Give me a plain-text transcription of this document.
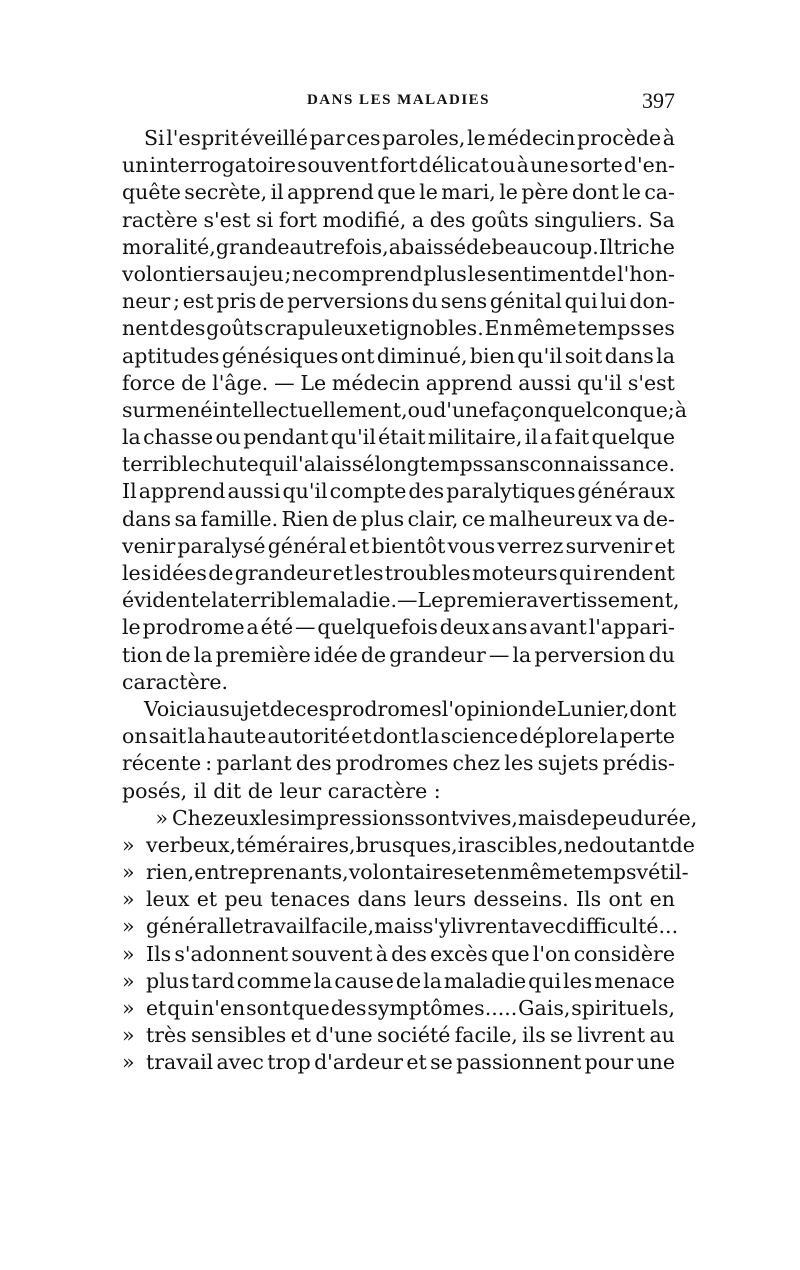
DANS LES MALADIES	397
Si l'esprit éveillé par ces paroles, le médecin procède à
un interrogatoire souvent fort délicat ou à une sorte d'en-
quête secrète, il apprend que le mari, le père dont le ca-
ractère s'est si fort modifié, a des goûts singuliers. Sa
moralité, grande autrefois, a baissé de beaucoup. Il triche
volontiers au jeu ; ne comprend plus le sentiment de l'hon-
neur ; est pris de perversions du sens génital qui lui don-
nent des goûts crapuleux et ignobles. En même temps ses
aptitudes génésiques ont diminué, bien qu'il soit dans la
force de l'âge. — Le médecin apprend aussi qu'il s'est
surmené intellectuellement, ou d'une façon quelconque ; à
la chasse ou pendant qu'il était militaire, il a fait quelque
terrible chute qui l'a laissé longtemps sans connaissance.
Il apprend aussi qu'il compte des paralytiques généraux
dans sa famille. Rien de plus clair, ce malheureux va de-
venir paralysé général et bientôt vous verrez survenir et
les idées de grandeur et les troubles moteurs qui rendent
évidente la terrible maladie. — Le premier avertissement,
le prodrome a été — quelquefois deux ans avant l'appari-
tion de la première idée de grandeur — la perversion du
caractère.
Voici au sujet de ces prodromes l'opinion de Lunier, dont
on sait la haute autorité et dont la science déplore la perte
récente : parlant des prodromes chez les sujets prédis-
posés, il dit de leur caractère :
» Chez eux les impressions sont vives, mais de peu durée,
» verbeux, téméraires, brusques, irascibles, ne doutant de
» rien, entreprenants, volontaires et en même temps vétil-
» leux et peu tenaces dans leurs desseins. Ils ont en
» général le travail facile, mais s'y livrent avec difficulté...
» Ils s'adonnent souvent à des excès que l'on considère
» plus tard comme la cause de la maladie qui les menace
» et qui n'en sont que des symptômes..... Gais, spirituels,
» très sensibles et d'une société facile, ils se livrent au
» travail avec trop d'ardeur et se passionnent pour une
